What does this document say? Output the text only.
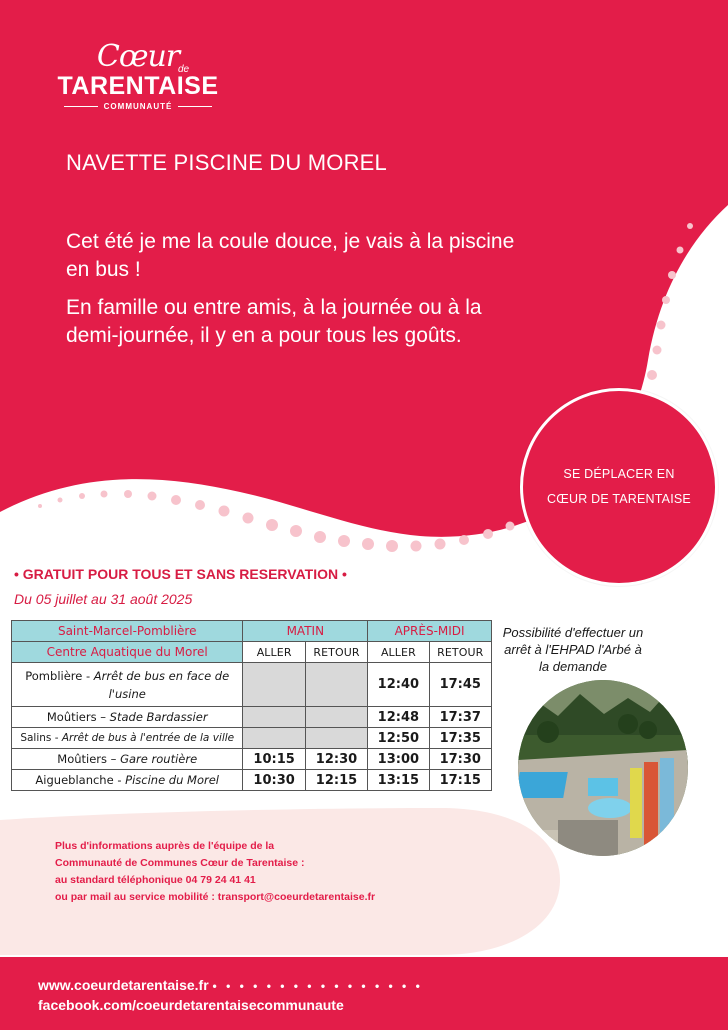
Cœur
de
TARENTAISE
COMMUNAUTÉ
NAVETTE PISCINE DU MOREL

Cet été je me la coule douce, je vais à la piscine en bus !

En famille ou entre amis, à la journée ou à la demi-journée, il y en a pour tous les goûts.

SE DÉPLACER EN CŒUR DE TARENTAISE
• GRATUIT POUR TOUS ET SANS RESERVATION •
Du 05 juillet au 31 août 2025
Saint-Marcel-Pomblière	MATIN		APRÈS-MIDI	
Centre Aquatique du Morel	ALLER	RETOUR	ALLER	RETOUR
Pomblière - Arrêt de bus en face de l'usine			12:40	17:45
Moûtiers – Stade Bardassier			12:48	17:37
Salins - Arrêt de bus à l'entrée de la ville			12:50	17:35
Moûtiers – Gare routière	10:15	12:30	13:00	17:30
Aigueblanche - Piscine du Morel	10:30	12:15	13:15	17:15
Possibilité d'effectuer un arrêt à l'EHPAD l'Arbé à la demande
Plus d'informations auprès de l'équipe de la
Communauté de Communes Cœur de Tarentaise :
au standard téléphonique 04 79 24 41 41
ou par mail au service mobilité : transport@coeurdetarentaise.fr
www.coeurdetarentaise.fr • • • • • • • • • • • • • • • •
facebook.com/coeurdetarentaisecommunaute
